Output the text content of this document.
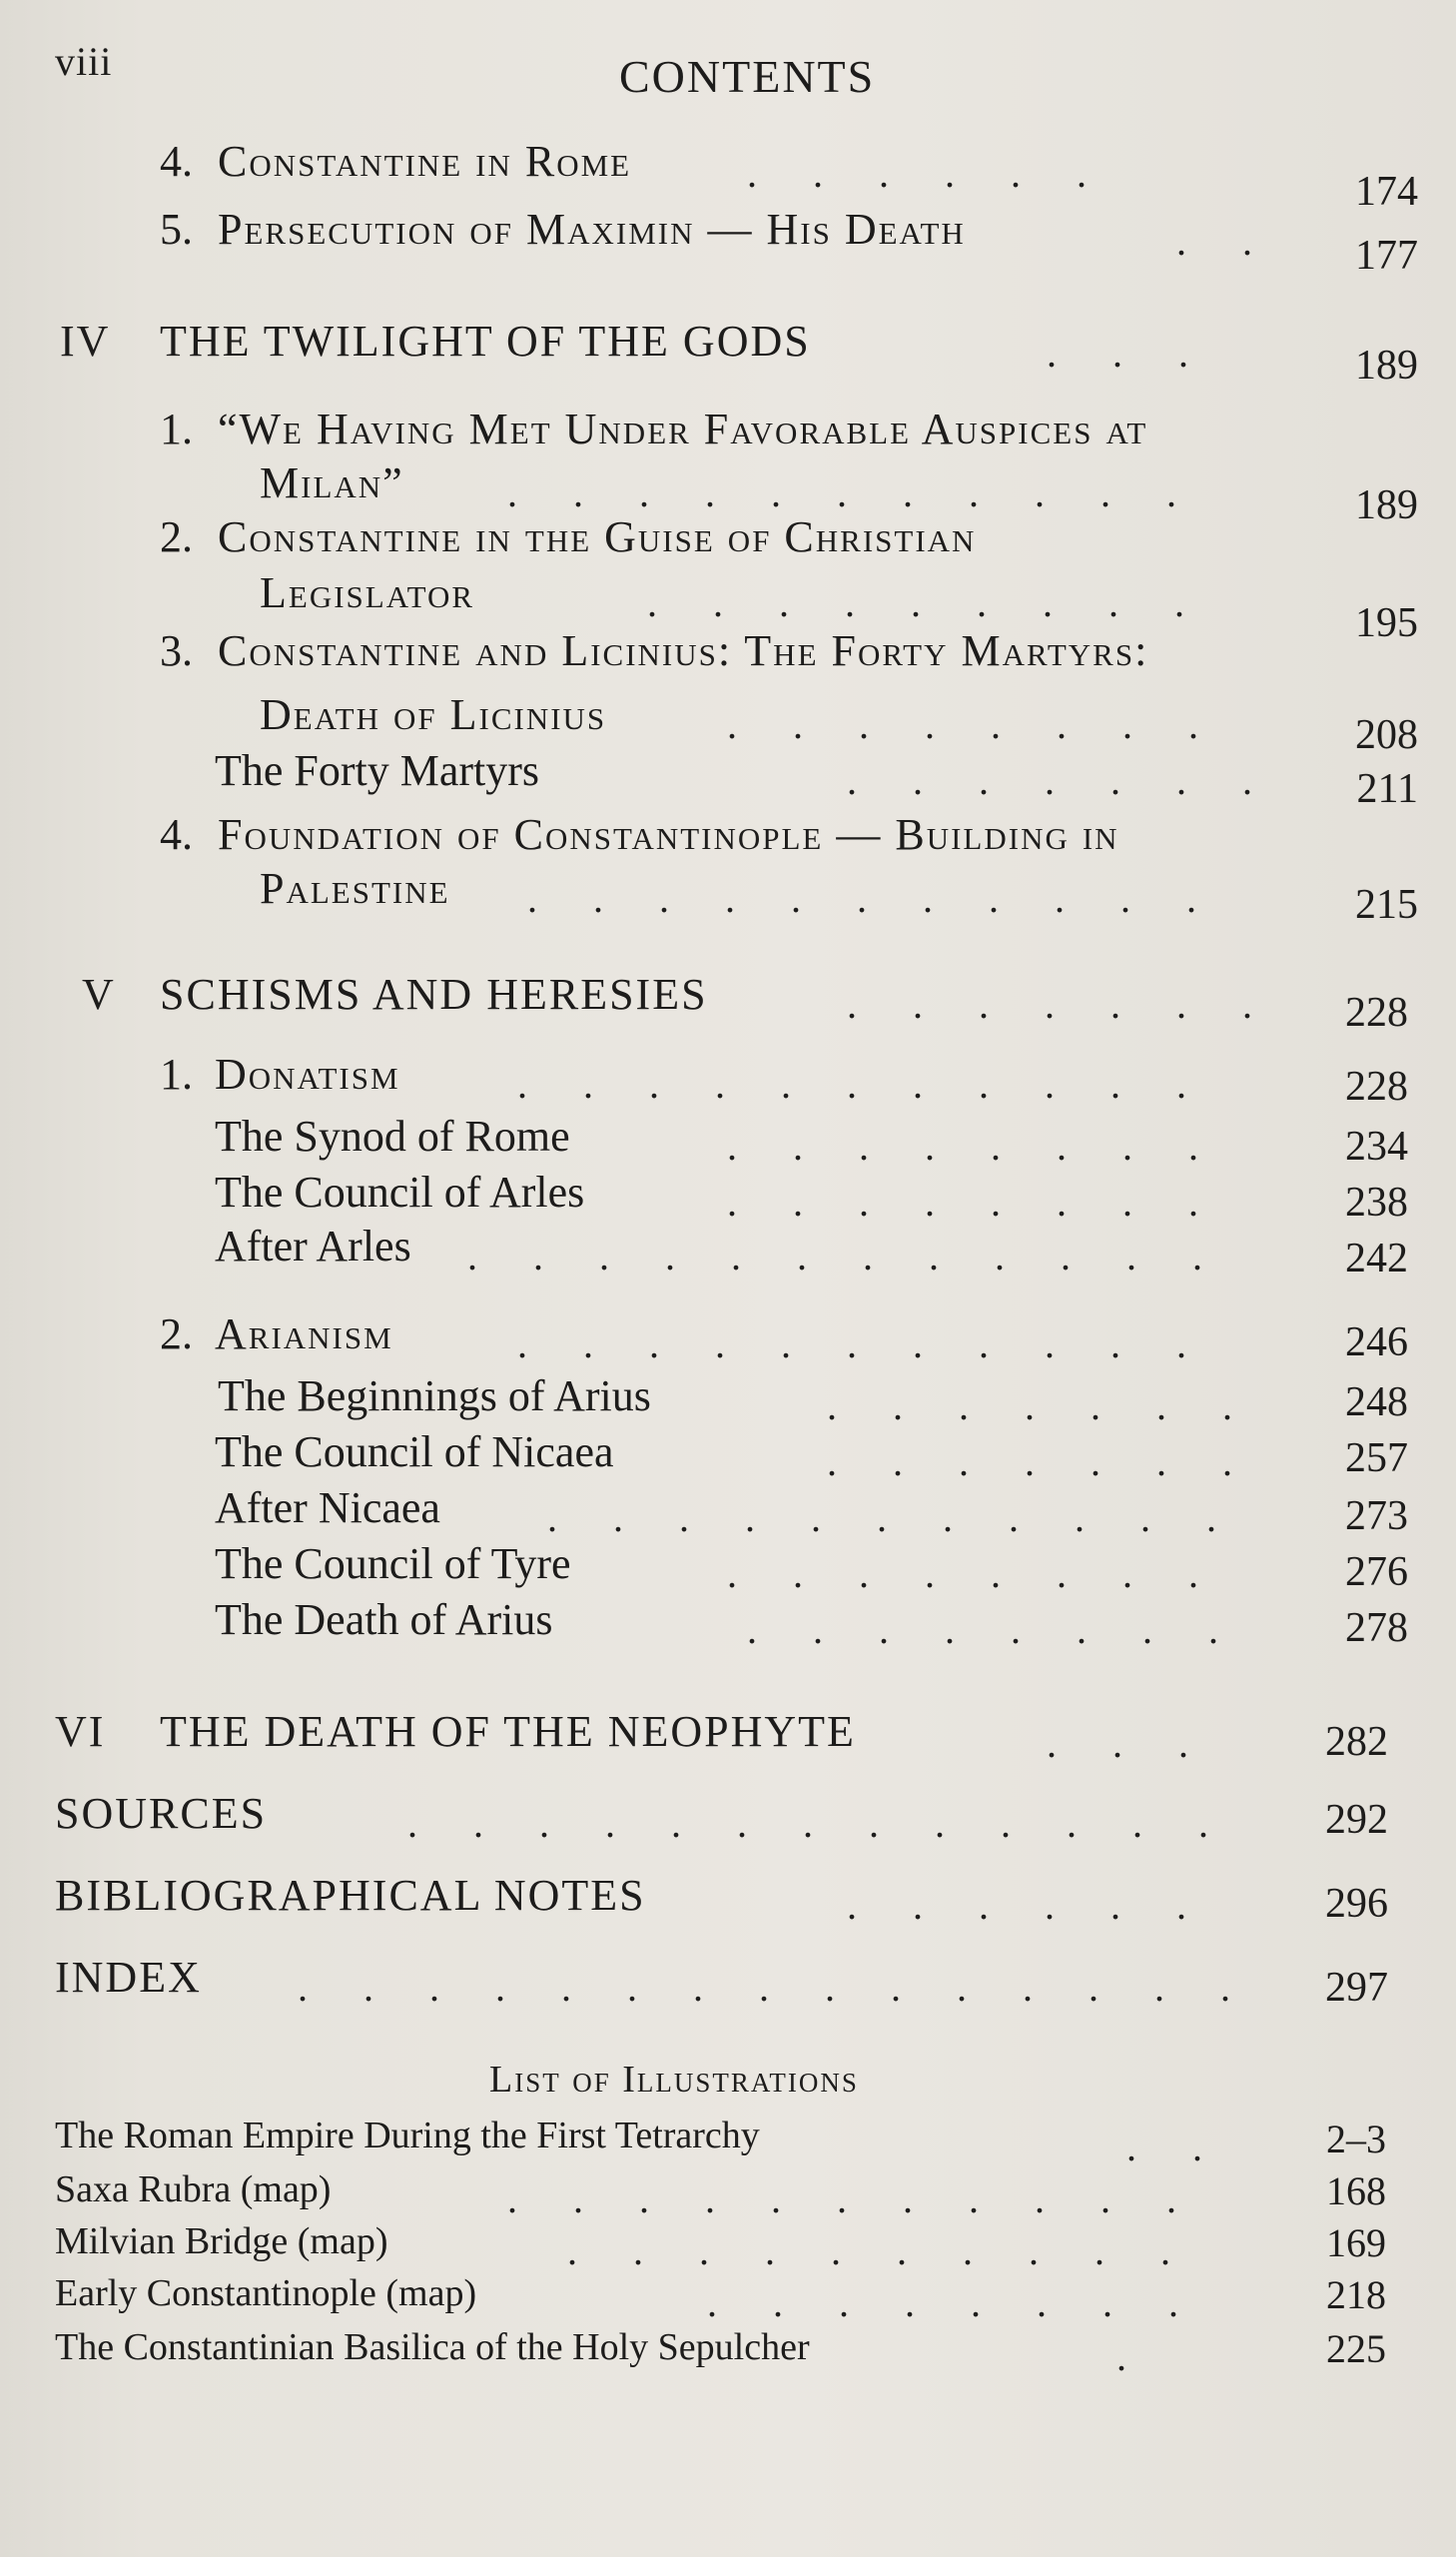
viii	CONTENTS
4. Constantine in Rome	. . . . . .	174
5. Persecution of Maximin — His Death	. .	177
IV THE TWILIGHT OF THE GODS	. . .	189
1. “We Having Met Under Favorable Auspices at
Milan”	. . . . . . . . . . .	189
2. Constantine in the Guise of Christian
Legislator	. . . . . . . . .	195
3. Constantine and Licinius: The Forty Martyrs:
Death of Licinius	. . . . . . . .	208
The Forty Martyrs	. . . . . . .	211
4. Foundation of Constantinople — Building in
Palestine	. . . . . . . . . . .	215
V SCHISMS AND HERESIES	. . . . . . .	228
1. Donatism	. . . . . . . . . . .	228
The Synod of Rome	. . . . . . . .	234
The Council of Arles	. . . . . . . .	238
After Arles	. . . . . . . . . . . .	242
2. Arianism	. . . . . . . . . . .	246
The Beginnings of Arius	. . . . . . .	248
The Council of Nicaea	. . . . . . .	257
After Nicaea	. . . . . . . . . . .	273
The Council of Tyre	. . . . . . . .	276
The Death of Arius	. . . . . . . .	278
VI THE DEATH OF THE NEOPHYTE	. . .	282
SOURCES	. . . . . . . . . . . . .	292
BIBLIOGRAPHICAL NOTES	. . . . . .	296
INDEX	. . . . . . . . . . . . . . .	297
List of Illustrations
The Roman Empire During the First Tetrarchy	. .	2–3
Saxa Rubra (map)	. . . . . . . . . . .	168
Milvian Bridge (map)	. . . . . . . . . .	169
Early Constantinople (map)	. . . . . . . .	218
The Constantinian Basilica of the Holy Sepulcher	.	225
